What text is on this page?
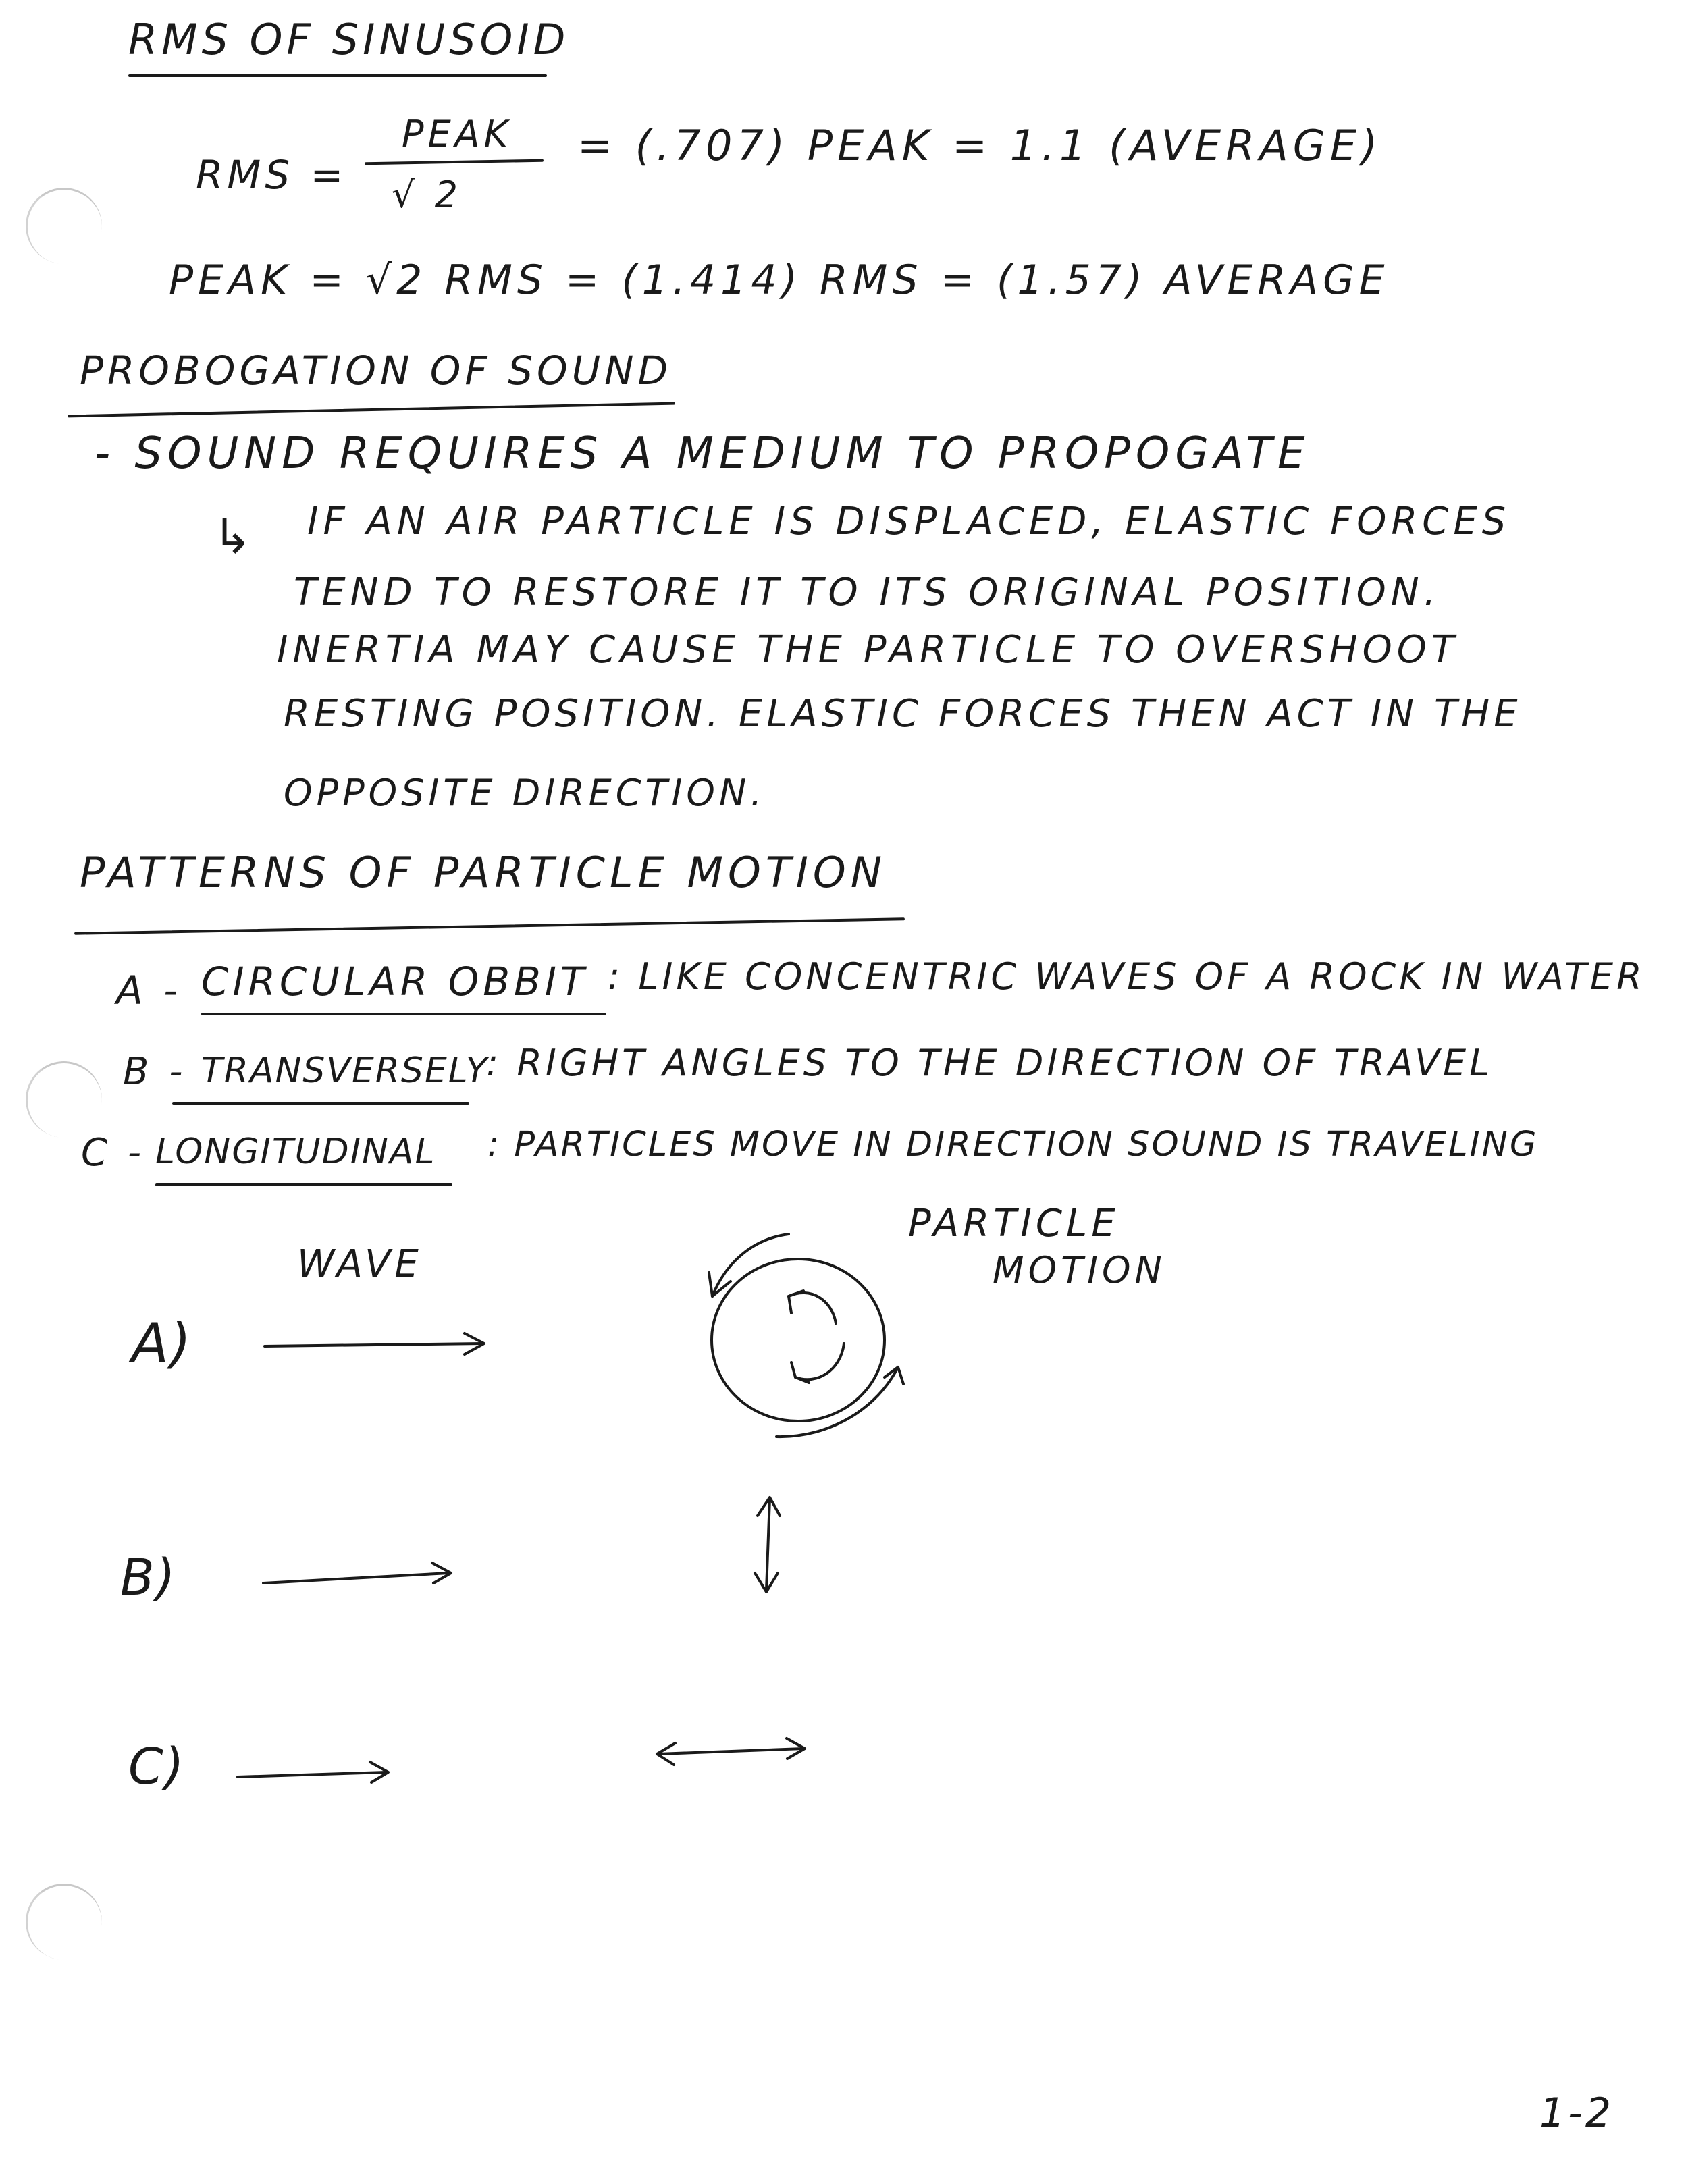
RMS OF SINUSOID
RMS =
PEAK
√ 2
= (.707) PEAK = 1.1 (AVERAGE)
PEAK = √2 RMS = (1.414) RMS = (1.57) AVERAGE
PROBOGATION OF SOUND
- SOUND REQUIRES A MEDIUM TO PROPOGATE
↳ IF AN AIR PARTICLE IS DISPLACED, ELASTIC FORCES
TEND TO RESTORE IT TO ITS ORIGINAL POSITION.
INERTIA MAY CAUSE THE PARTICLE TO OVERSHOOT
RESTING POSITION. ELASTIC FORCES THEN ACT IN THE
OPPOSITE DIRECTION.
PATTERNS OF PARTICLE MOTION
A - CIRCULAR OBBIT : LIKE CONCENTRIC WAVES OF A ROCK IN WATER
B - TRANSVERSELY
: RIGHT ANGLES TO THE DIRECTION OF TRAVEL
C - LONGITUDINAL : PARTICLES MOVE IN DIRECTION SOUND IS TRAVELING
WAVE
PARTICLE
MOTION
A)
B)
C)
1-2
